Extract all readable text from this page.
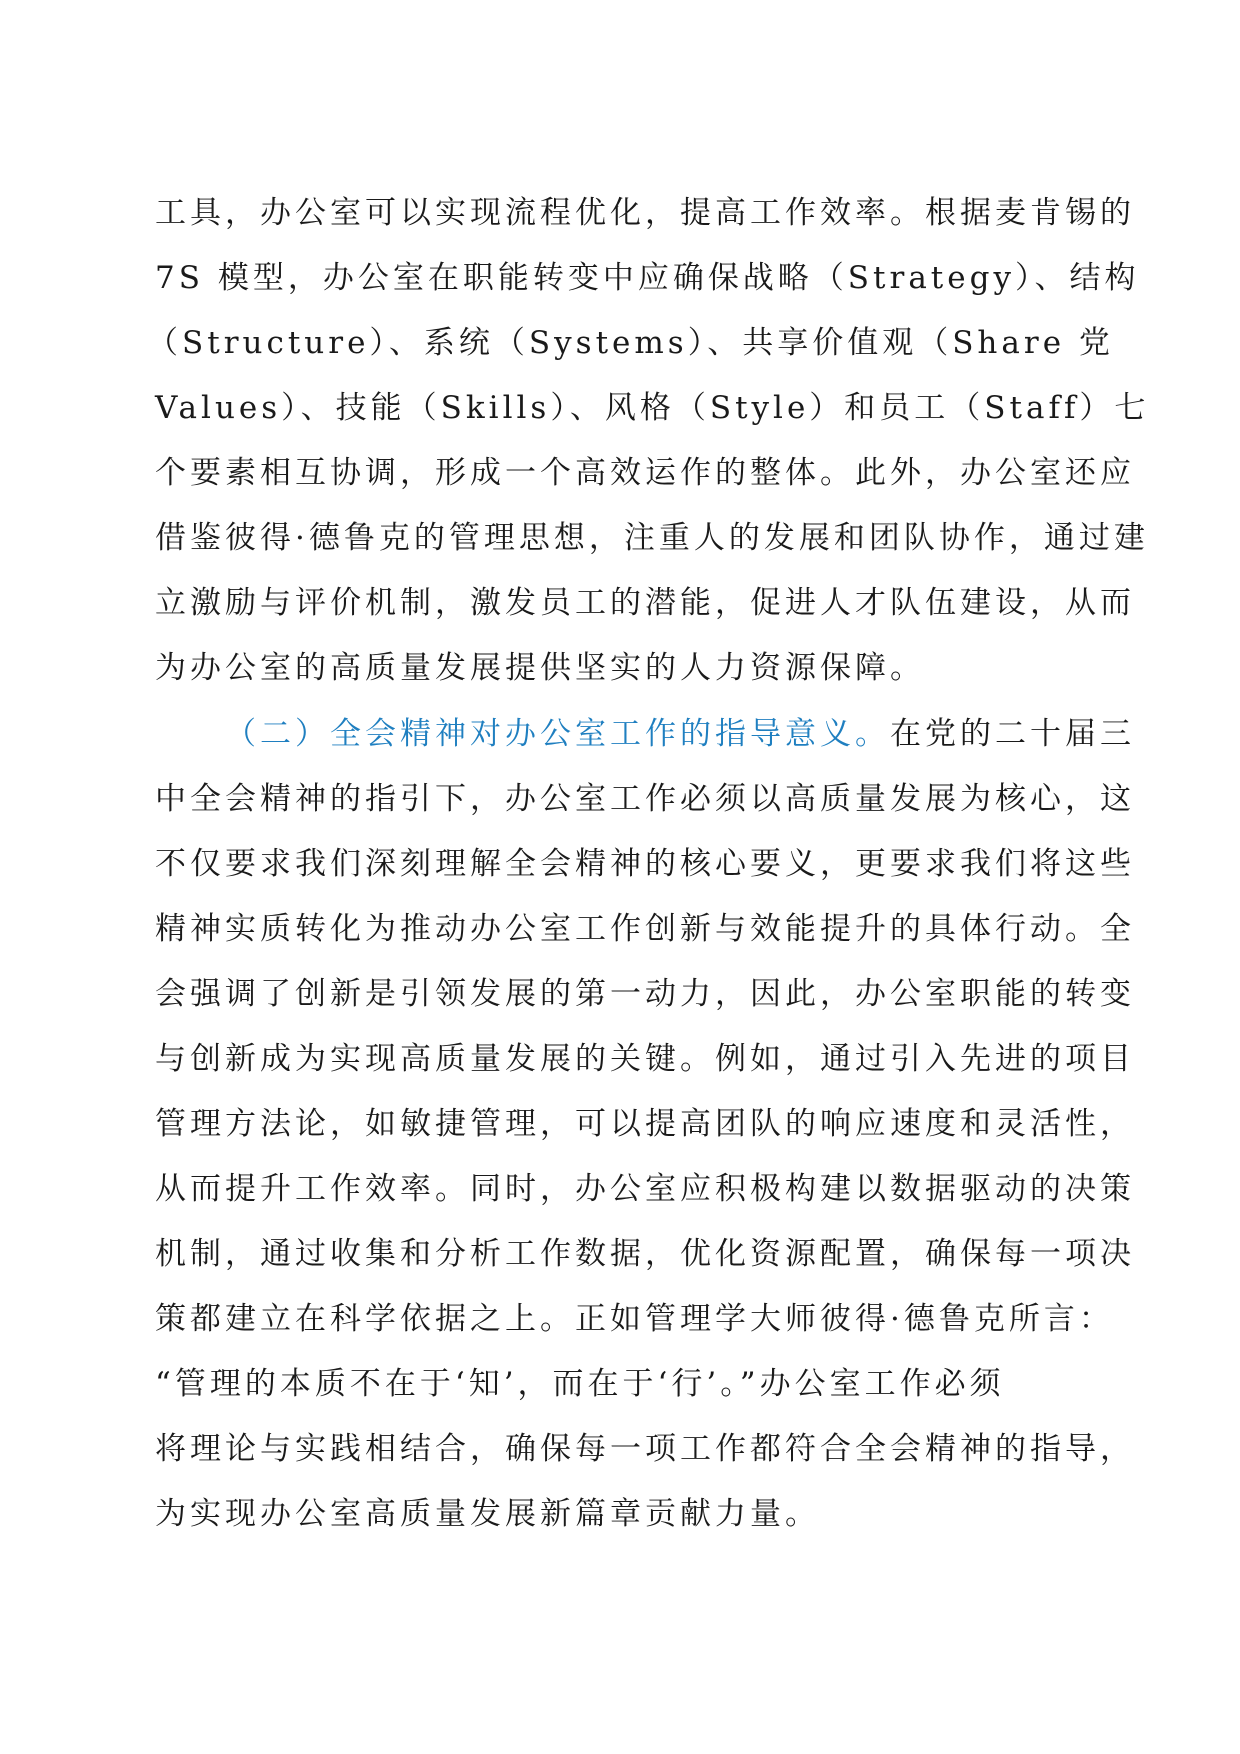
工具，办公室可以实现流程优化，提高工作效率。根据麦肯锡的
7S 模型，办公室在职能转变中应确保战略（Strategy）、结构
（Structure）、系统（Systems）、共享价值观（Share 党
Values）、技能（Skills）、风格（Style）和员工（Staff）七
个要素相互协调，形成一个高效运作的整体。此外，办公室还应
借鉴彼得·德鲁克的管理思想，注重人的发展和团队协作，通过建
立激励与评价机制，激发员工的潜能，促进人才队伍建设，从而
为办公室的高质量发展提供坚实的人力资源保障。
（二）全会精神对办公室工作的指导意义。在党的二十届三
中全会精神的指引下，办公室工作必须以高质量发展为核心，这
不仅要求我们深刻理解全会精神的核心要义，更要求我们将这些
精神实质转化为推动办公室工作创新与效能提升的具体行动。全
会强调了创新是引领发展的第一动力，因此，办公室职能的转变
与创新成为实现高质量发展的关键。例如，通过引入先进的项目
管理方法论，如敏捷管理，可以提高团队的响应速度和灵活性，
从而提升工作效率。同时，办公室应积极构建以数据驱动的决策
机制，通过收集和分析工作数据，优化资源配置，确保每一项决
策都建立在科学依据之上。正如管理学大师彼得·德鲁克所言：
“管理的本质不在于‘知’，而在于‘行’。”办公室工作必须
将理论与实践相结合，确保每一项工作都符合全会精神的指导，
为实现办公室高质量发展新篇章贡献力量。
